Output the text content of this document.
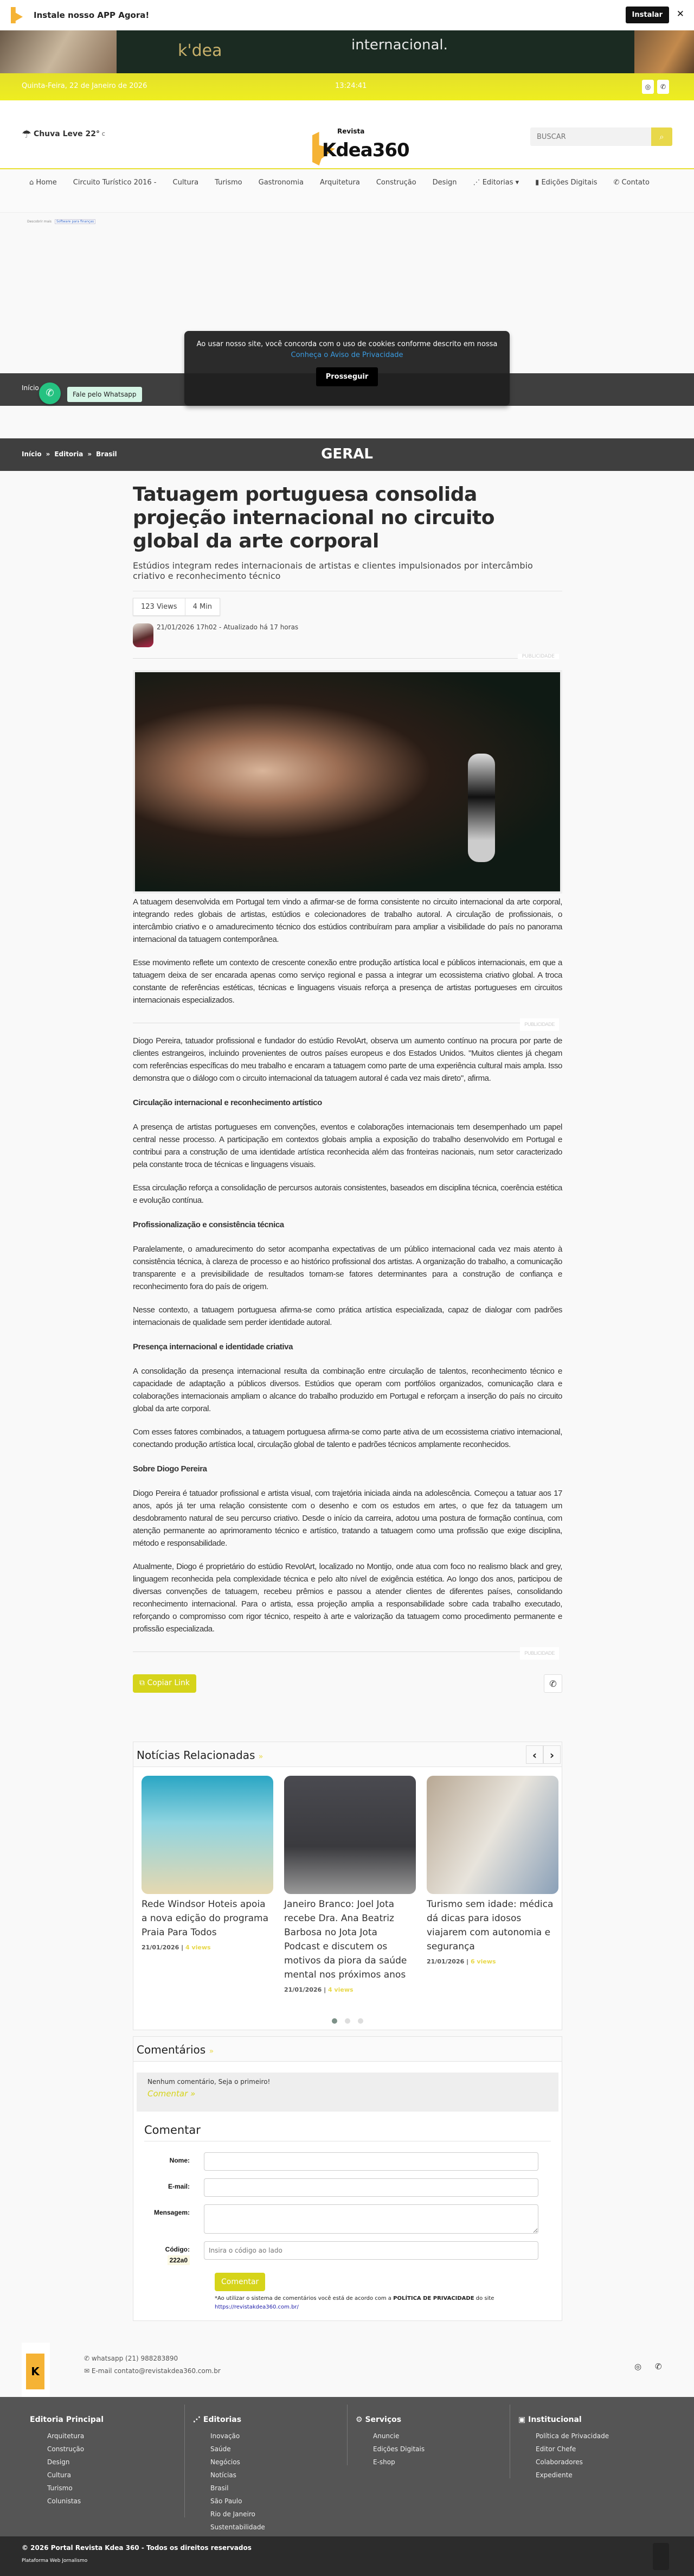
Instale nosso APP Agora!	Instalar	✕
k'dea	internacional.
Quinta-Feira, 22 de Janeiro de 2026	13:24:41	◎	✆
☂ Chuva Leve 22° C	Revista
Kdea360
BUSCAR
⌕
⌂ Home Circuito Turístico 2016 - Cultura Turismo Gastronomia Arquitetura Construção Design ⋰ Editorias ▾ ▮ Edições Digitais ✆ Contato
Descobrir mais Software para finanças
Início ✆	Fale pelo Whatsapp
Ao usar nosso site, você concorda com o uso de cookies conforme descrito em nossa
Conheça o Aviso de Privacidade
Prosseguir
Início » Editoria » Brasil	GERAL
Tatuagem portuguesa consolida projeção internacional no circuito global da arte corporal
Estúdios integram redes internacionais de artistas e clientes impulsionados por intercâmbio criativo e reconhecimento técnico
123 Views	4 Min
21/01/2026 17h02 - Atualizado há 17 horas
PUBLICIDADE

A tatuagem desenvolvida em Portugal tem vindo a afirmar-se de forma consistente no circuito internacional da arte corporal, integrando redes globais de artistas, estúdios e colecionadores de trabalho autoral. A circulação de profissionais, o intercâmbio criativo e o amadurecimento técnico dos estúdios contribuíram para ampliar a visibilidade do país no panorama internacional da tatuagem contemporânea.

Esse movimento reflete um contexto de crescente conexão entre produção artística local e públicos internacionais, em que a tatuagem deixa de ser encarada apenas como serviço regional e passa a integrar um ecossistema criativo global. A troca constante de referências estéticas, técnicas e linguagens visuais reforça a presença de artistas portugueses em circuitos internacionais especializados.

PUBLICIDADE

Diogo Pereira, tatuador profissional e fundador do estúdio RevolArt, observa um aumento contínuo na procura por parte de clientes estrangeiros, incluindo provenientes de outros países europeus e dos Estados Unidos. "Muitos clientes já chegam com referências específicas do meu trabalho e encaram a tatuagem como parte de uma experiência cultural mais ampla. Isso demonstra que o diálogo com o circuito internacional da tatuagem autoral é cada vez mais direto", afirma.

Circulação internacional e reconhecimento artístico

A presença de artistas portugueses em convenções, eventos e colaborações internacionais tem desempenhado um papel central nesse processo. A participação em contextos globais amplia a exposição do trabalho desenvolvido em Portugal e contribui para a construção de uma identidade artística reconhecida além das fronteiras nacionais, num setor caracterizado pela constante troca de técnicas e linguagens visuais.

Essa circulação reforça a consolidação de percursos autorais consistentes, baseados em disciplina técnica, coerência estética e evolução contínua.

Profissionalização e consistência técnica

Paralelamente, o amadurecimento do setor acompanha expectativas de um público internacional cada vez mais atento à consistência técnica, à clareza de processo e ao histórico profissional dos artistas. A organização do trabalho, a comunicação transparente e a previsibilidade de resultados tornam-se fatores determinantes para a construção de confiança e reconhecimento fora do país de origem.

Nesse contexto, a tatuagem portuguesa afirma-se como prática artística especializada, capaz de dialogar com padrões internacionais de qualidade sem perder identidade autoral.

Presença internacional e identidade criativa

A consolidação da presença internacional resulta da combinação entre circulação de talentos, reconhecimento técnico e capacidade de adaptação a públicos diversos. Estúdios que operam com portfólios organizados, comunicação clara e colaborações internacionais ampliam o alcance do trabalho produzido em Portugal e reforçam a inserção do país no circuito global da arte corporal.

Com esses fatores combinados, a tatuagem portuguesa afirma-se como parte ativa de um ecossistema criativo internacional, conectando produção artística local, circulação global de talento e padrões técnicos amplamente reconhecidos.

Sobre Diogo Pereira

Diogo Pereira é tatuador profissional e artista visual, com trajetória iniciada ainda na adolescência. Começou a tatuar aos 17 anos, após já ter uma relação consistente com o desenho e com os estudos em artes, o que fez da tatuagem um desdobramento natural de seu percurso criativo. Desde o início da carreira, adotou uma postura de formação contínua, com atenção permanente ao aprimoramento técnico e artístico, tratando a tatuagem como uma profissão que exige disciplina, método e responsabilidade.

Atualmente, Diogo é proprietário do estúdio RevolArt, localizado no Montijo, onde atua com foco no realismo black and grey, linguagem reconhecida pela complexidade técnica e pelo alto nível de exigência estética. Ao longo dos anos, participou de diversas convenções de tatuagem, recebeu prêmios e passou a atender clientes de diferentes países, consolidando reconhecimento internacional. Para o artista, essa projeção amplia a responsabilidade sobre cada trabalho executado, reforçando o compromisso com rigor técnico, respeito à arte e valorização da tatuagem como procedimento permanente e profissão especializada.

PUBLICIDADE
⧉ Copiar Link	✆
Notícias Relacionadas »	‹	›
Rede Windsor Hoteis apoia a nova edição do programa Praia Para Todos
21/01/2026 | 4 views
Janeiro Branco: Joel Jota recebe Dra. Ana Beatriz Barbosa no Jota Jota Podcast e discutem os motivos da piora da saúde mental nos próximos anos
21/01/2026 | 4 views
Turismo sem idade: médica dá dicas para idosos viajarem com autonomia e segurança
21/01/2026 | 6 views
Comentários »
Nenhum comentário, Seja o primeiro!
Comentar »
Comentar
Nome:
E-mail:
Mensagem:
Código:
222a0
Insira o código ao lado
Comentar
*Ao utilizar o sistema de comentários você está de acordo com a POLÍTICA DE PRIVACIDADE do site
https://revistakdea360.com.br/
K
✆ whatsapp (21) 988283890
✉ E-mail contato@revistakdea360.com.br	◎ ✆
Editoria Principal
Arquitetura
Construção
Design
Cultura
Turismo
Colunistas
⋰ Editorias
Inovação
Saúde
Negócios
Notícias
Brasil
São Paulo
Rio de Janeiro
Sustentabilidade
⚙ Serviços
Anuncie
Edições Digitais
E-shop
▣ Institucional
Política de Privacidade
Editor Chefe
Colaboradores
Expediente
© 2026 Portal Revista Kdea 360 - Todos os direitos reservados
Plataforma Web Jornalismo
